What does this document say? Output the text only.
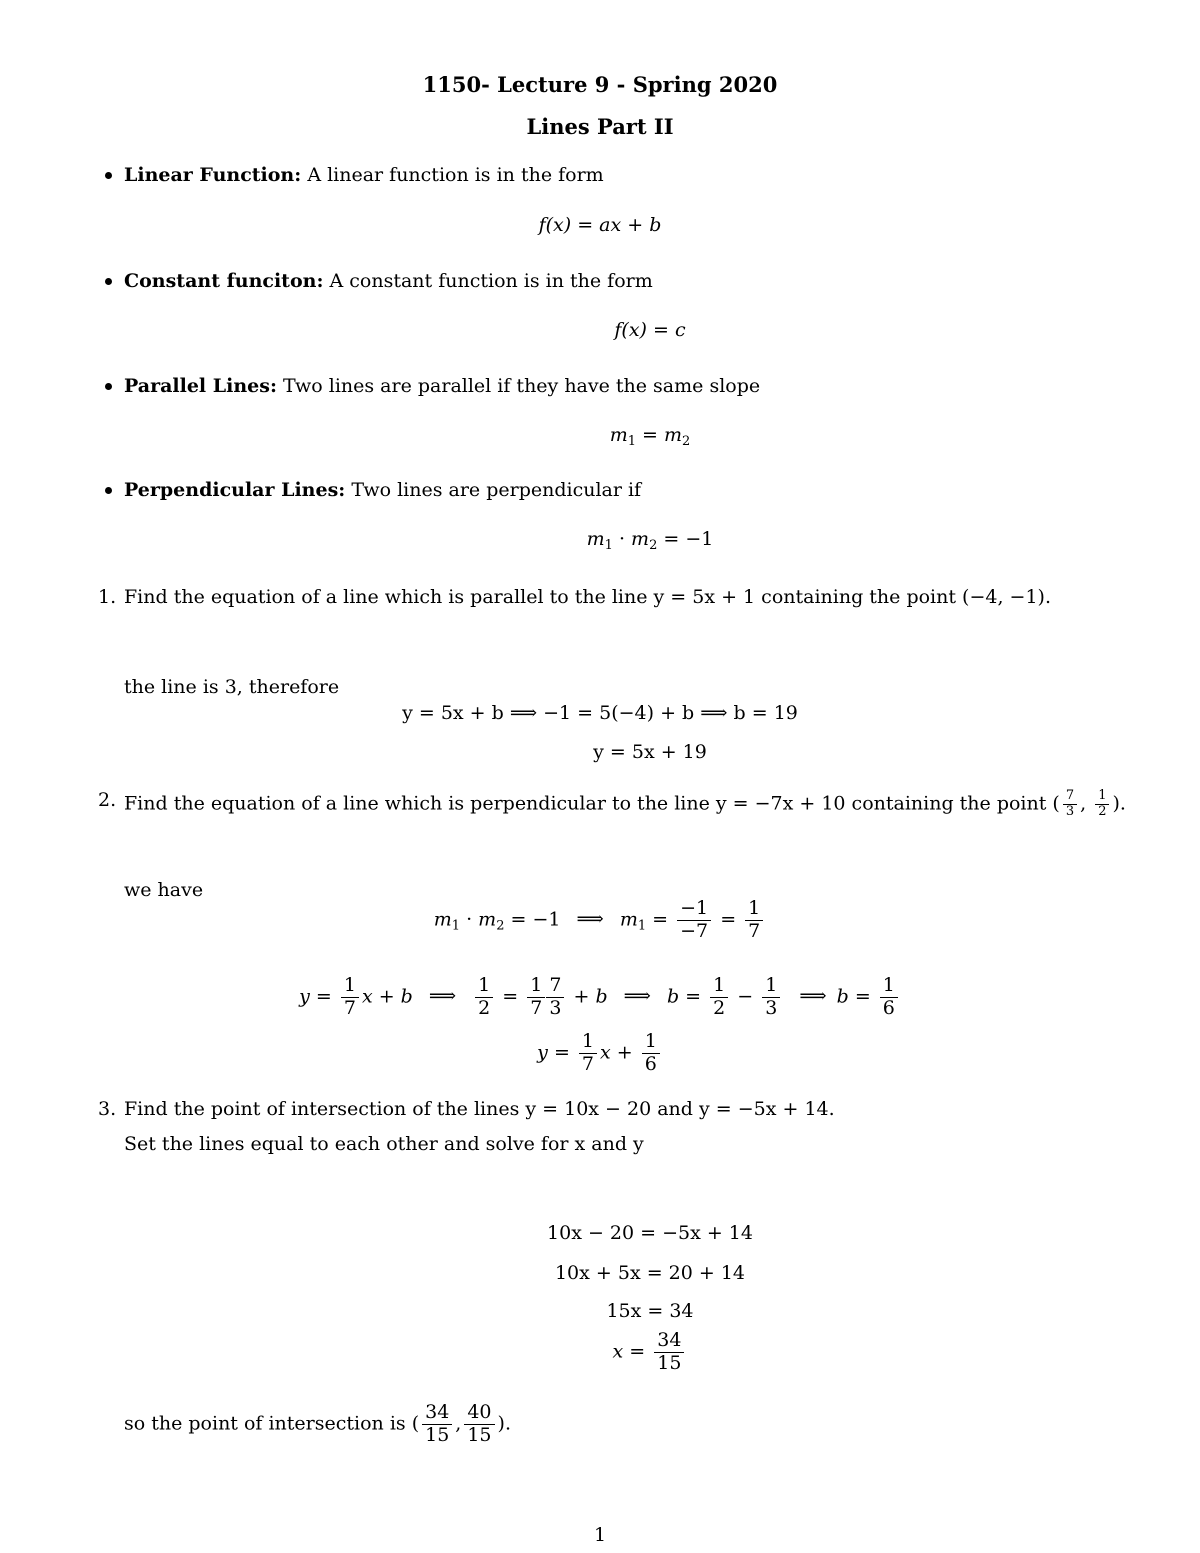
1150- Lecture 9 - Spring 2020
Lines Part II
Linear Function: A linear function is in the form
f(x) = ax + b
Constant funciton: A constant function is in the form
f(x) = c
Parallel Lines: Two lines are parallel if they have the same slope
$m_1 = m_2$
Perpendicular Lines: Two lines are perpendicular if
$m_1 \cdot m_2 = -1$
1. Find the equation of a line which is parallel to the line y = 5x + 1 containing the point (−4, −1).
the line is 3, therefore
y = 5x + b ⟹ −1 = 5(−4) + b ⟹ b = 19
y = 5x + 19
2. Find the equation of a line which is perpendicular to the line y = −7x + 10 containing the point ( $\frac{7}{3}$ , $\frac{1}{2}$ ).
we have
$m_1 \cdot m_2 = -1$ ⟹ $m_1 = \frac{-1}{-7} = \frac{1}{7}$
$y = \frac{1}{7}$ x + b ⟹ $\frac{1}{2} = \frac{1}{7} \frac{7}{3} + b$ ⟹ $b = \frac{1}{2} - \frac{1}{3}$ ⟹ $b = \frac{1}{6}$
$y = \frac{1}{7}$ $x + \frac{1}{6}$
3. Find the point of intersection of the lines y = 10x − 20 and y = −5x + 14.
Set the lines equal to each other and solve for x and y
10x − 20 = −5x + 14
10x + 5x = 20 + 14
15x = 34
$x = \frac{34}{15}$
so the point of intersection is ( $\frac{34}{15}$ , $\frac{40}{15}$ ).
1
